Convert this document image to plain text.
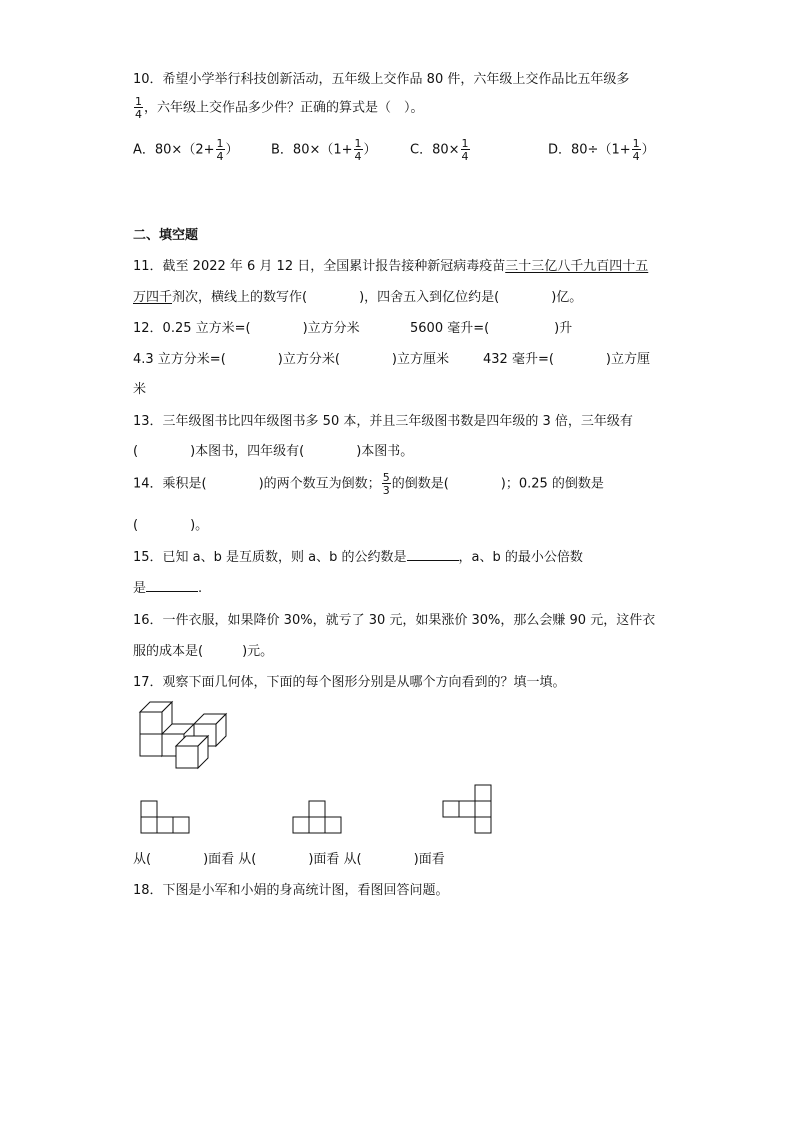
10．希望小学举行科技创新活动，五年级上交作品 80 件，六年级上交作品比五年级多
$\frac{1}{4}$ ，六年级上交作品多少件？正确的算式是（　）。
A．$80\times(2+ \frac{1}{4}$ ） B．$80\times(1+ \frac{1}{4}$ ）	C．$80\times \frac{1}{4}$	D．$80\div(1+ \frac{1}{4}$ ）
二、填空题
11．截至 2022 年 6 月 12 日，全国累计报告接种新冠病毒疫苗三十三亿八千九百四十五
万四千剂次，横线上的数写作(　　　　)，四舍五入到亿位约是(　　　　)亿。
12．0.25 立方米=(　　　　)立方分米	5600 毫升=(　　　　　)升
4.3 立方分米=(　　　　)立方分米(　　　　)立方厘米	432 毫升=(　　　　)立方厘
米
13．三年级图书比四年级图书多 50 本，并且三年级图书数是四年级的 3 倍，三年级有
(　　　　)本图书，四年级有(　　　　)本图书。
14．乘积是(　　　　)的两个数互为倒数； $\frac{5}{3}$ 的倒数是(　　　　)；0.25 的倒数是
(　　　　)。
15．已知 a、b 是互质数，则 a、b 的公约数是	，a、b 的最小公倍数
是	.
16．一件衣服，如果降价 30%，就亏了 30 元，如果涨价 30%，那么会赚 90 元，这件衣
服的成本是(　　　)元。
17．观察下面几何体，下面的每个图形分别是从哪个方向看到的？填一填。
从(　　　　)面看 从(　　　　)面看 从(　　　　)面看
18．下图是小军和小娟的身高统计图，看图回答问题。
